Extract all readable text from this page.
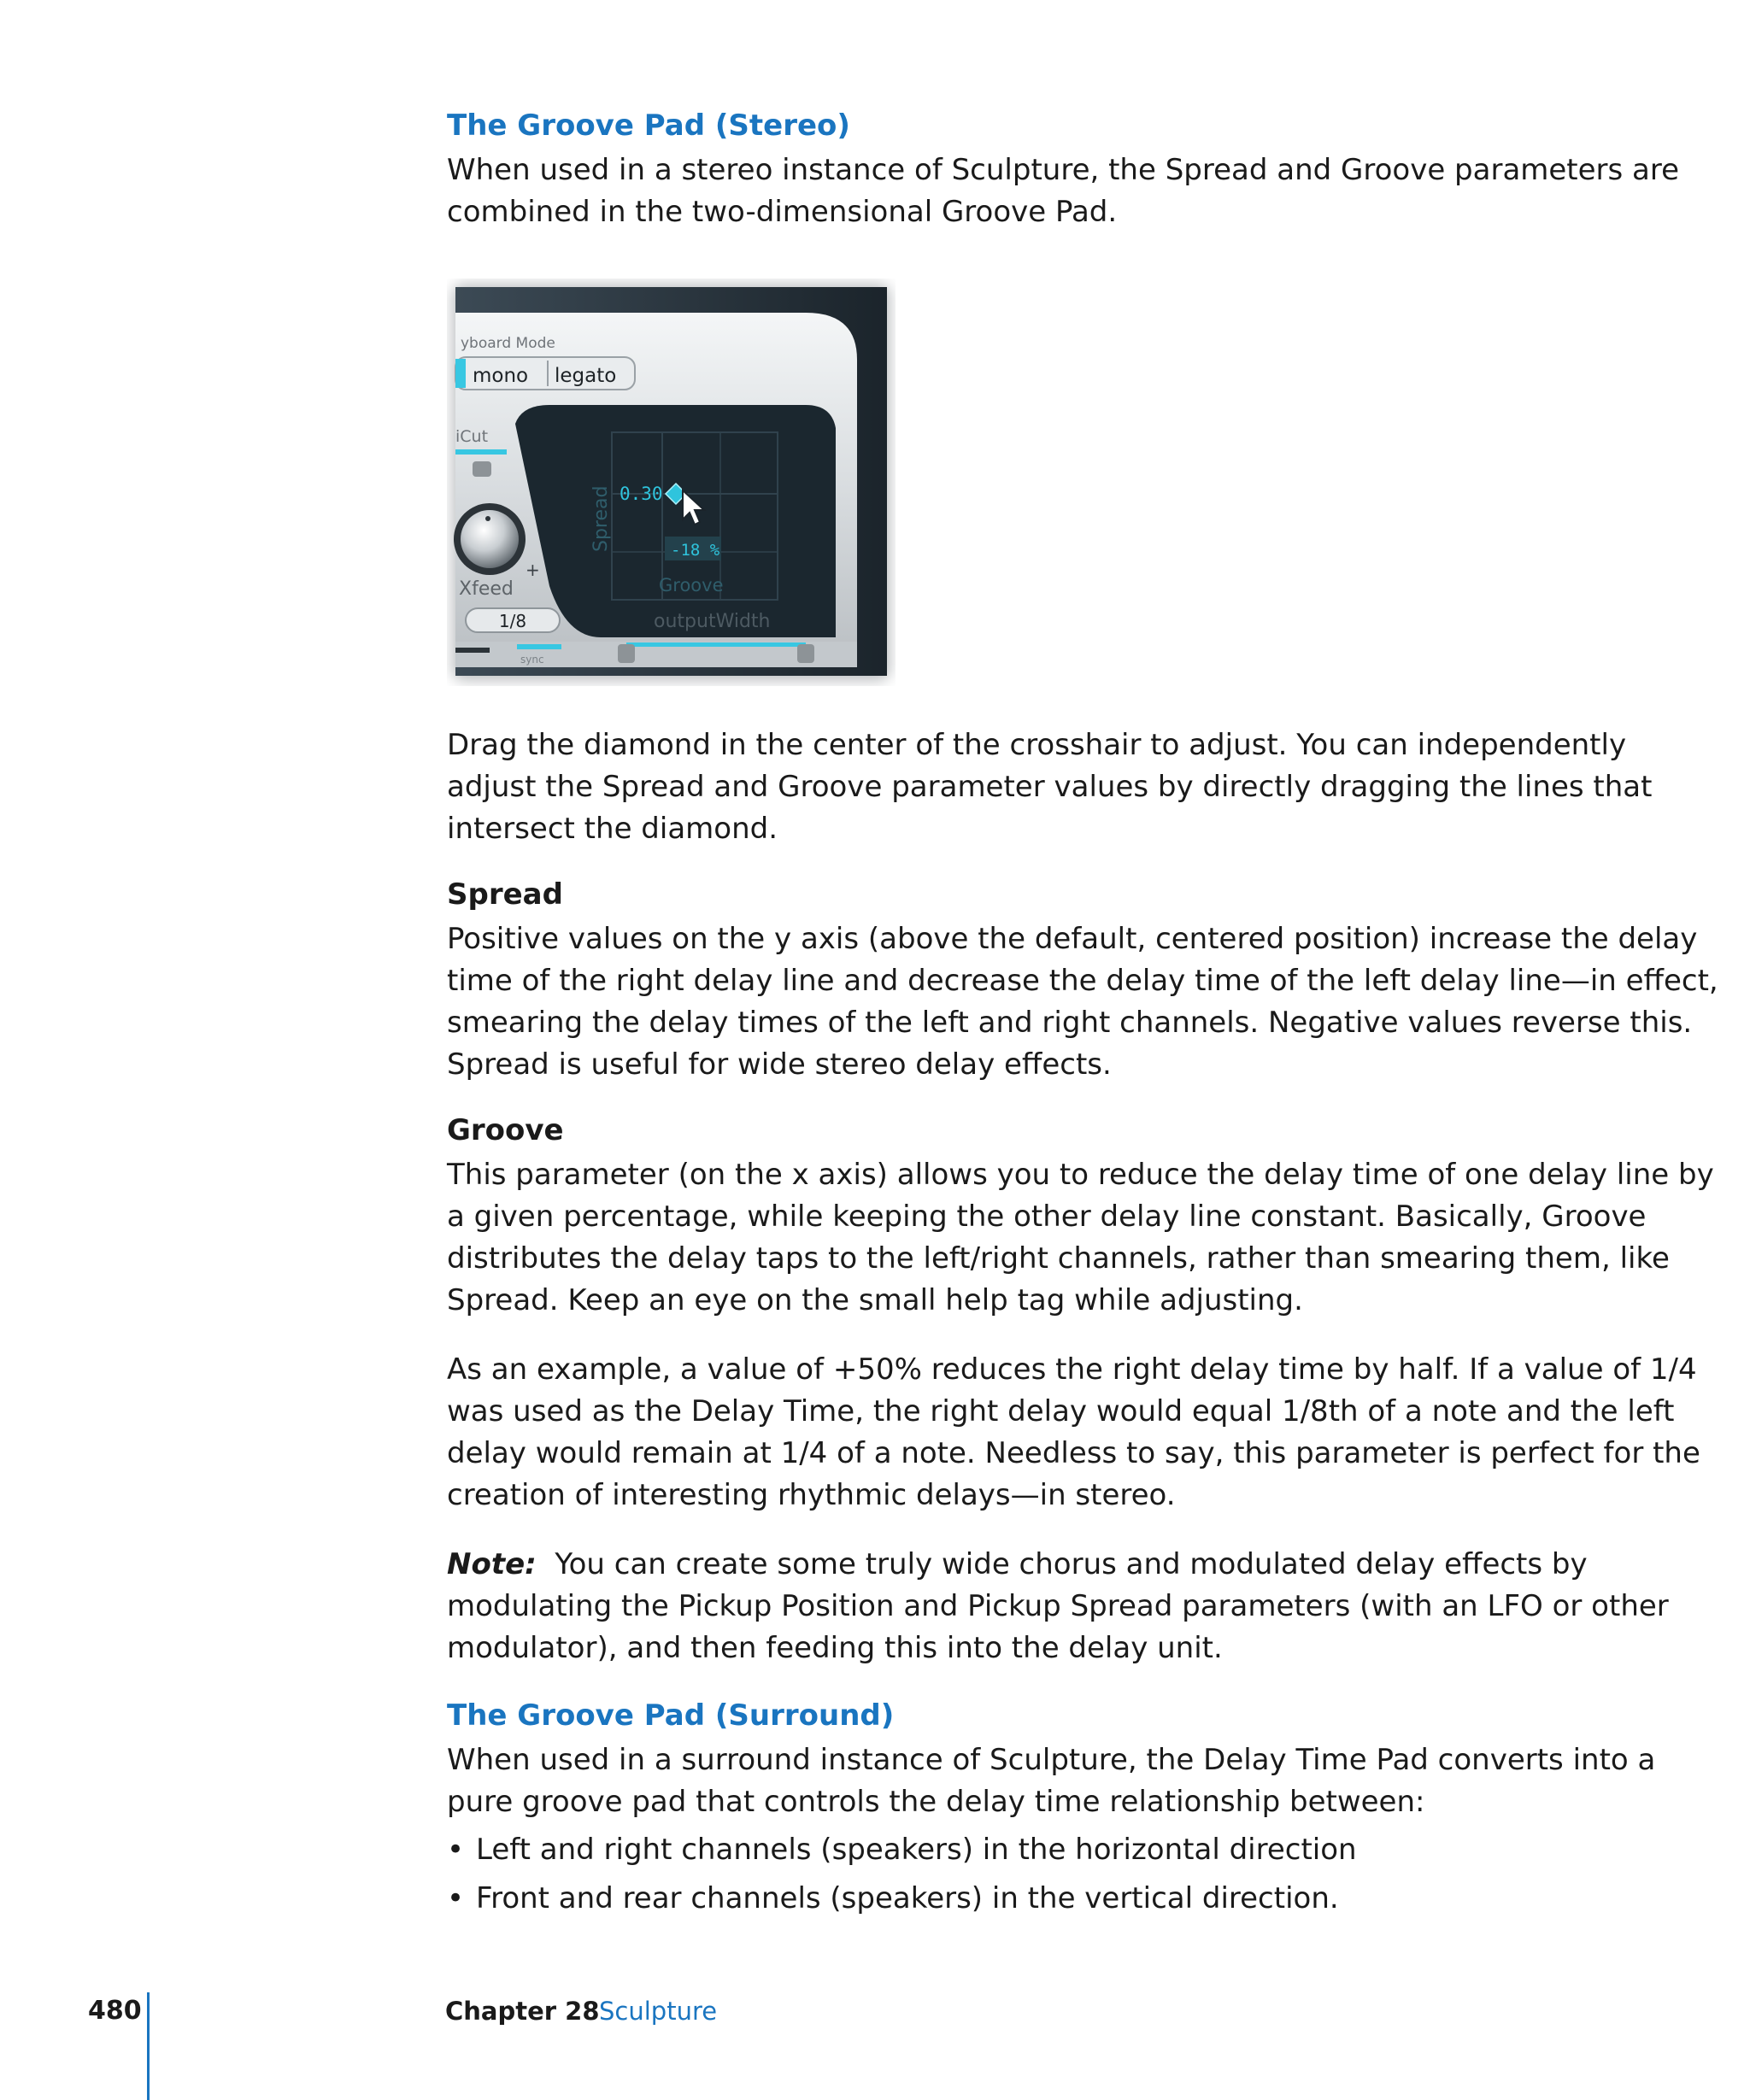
The Groove Pad (Stereo)

When used in a stereo instance of Sculpture, the Spread and Groove parameters are
combined in the two-dimensional Groove Pad.

Drag the diamond in the center of the crosshair to adjust. You can independently
adjust the Spread and Groove parameter values by directly dragging the lines that
intersect the diamond.

Spread

Positive values on the y axis (above the default, centered position) increase the delay
time of the right delay line and decrease the delay time of the left delay line—in effect,
smearing the delay times of the left and right channels. Negative values reverse this.
Spread is useful for wide stereo delay effects.

Groove

This parameter (on the x axis) allows you to reduce the delay time of one delay line by
a given percentage, while keeping the other delay line constant. Basically, Groove
distributes the delay taps to the left/right channels, rather than smearing them, like
Spread. Keep an eye on the small help tag while adjusting.

As an example, a value of +50% reduces the right delay time by half. If a value of 1/4
was used as the Delay Time, the right delay would equal 1/8th of a note and the left
delay would remain at 1/4 of a note. Needless to say, this parameter is perfect for the
creation of interesting rhythmic delays—in stereo.

Note: You can create some truly wide chorus and modulated delay effects by
modulating the Pickup Position and Pickup Spread parameters (with an LFO or other
modulator), and then feeding this into the delay unit.

The Groove Pad (Surround)

When used in a surround instance of Sculpture, the Delay Time Pad converts into a
pure groove pad that controls the delay time relationship between:

• Left and right channels (speakers) in the horizontal direction
• Front and rear channels (speakers) in the vertical direction.
yboard Mode
mono legato
iCut
+
Xfeed
1/8
sync
outputWidth
Spread
Groove
0.30
-18 %
480	Chapter 28 Sculpture
